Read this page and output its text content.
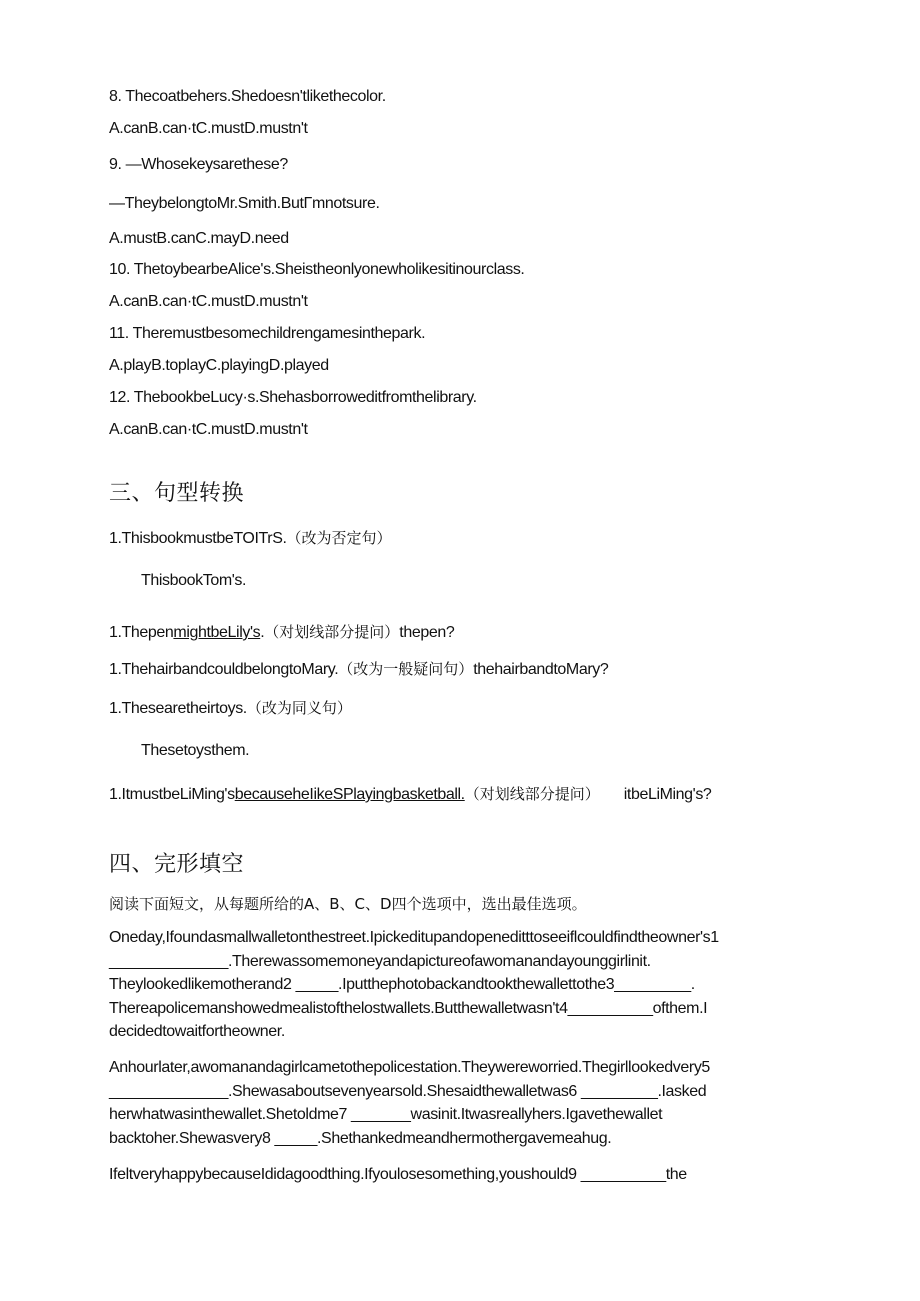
8. Thecoatbehers.Shedoesn'tlikethecolor.
A.canB.can·tC.mustD.mustn't
9. —Whosekeysarethese?
—TheybelongtoMr.Smith.ButΓmnotsure.
A.mustB.canC.mayD.need
10. ThetoybearbeAlice's.Sheistheonlyonewholikesitinourclass.
A.canB.can·tC.mustD.mustn't
11. Theremustbesomechildrengamesinthepark.
A.playB.toplayC.playingD.played
12. ThebookbeLucy·s.Shehasborroweditfromthelibrary.
A.canB.can·tC.mustD.mustn't
三、句型转换
1.ThisbookmustbeTOITrS.（改为否定句）
ThisbookTom's.
1.ThepenmightbeLily's.（对划线部分提问）thepen?
1.ThehairbandcouldbelongtoMary.（改为一般疑问句）thehairbandtoMary?
1.Thesearetheirtoys.（改为同义句）
Thesetoysthem.
1.ItmustbeLiMing'sbecauseheIikeSPlayingbasketball.（对划线部分提问） itbeLiMing's?
四、完形填空
阅读下面短文，从每题所给的A、B、C、D四个选项中，选出最佳选项。
Oneday,Ifoundasmallwalletonthestreet.Ipickeditupandopeneditttoseeiflcouldfindtheowner's1 ______________.Therewassomemoneyandapictureofawomanandayounggirlinit. Theylookedlikemotherand2 _____.Iputthephotobackandtookthewallettothe3_________. Thereapolicemanshowedmealistofthelostwallets.Butthewalletwasn't4__________ofthem.I decidedtowaitfortheowner.
Anhourlater,awomanandagirlcametothepolicestation.Theywereworried.Thegirllookedvery5 ______________.Shewasaboutsevenyearsold.Shesaidthewalletwas6 _________.Iasked herwhatwasinthewallet.Shetoldme7 _______wasinit.Itwasreallyhers.Igavethewallet backtoher.Shewasvery8 _____.Shethankedmeandhermothergavemeahug.
IfeltveryhappybecauseIdidagoodthing.Ifyoulosesomething,youshould9 __________the
